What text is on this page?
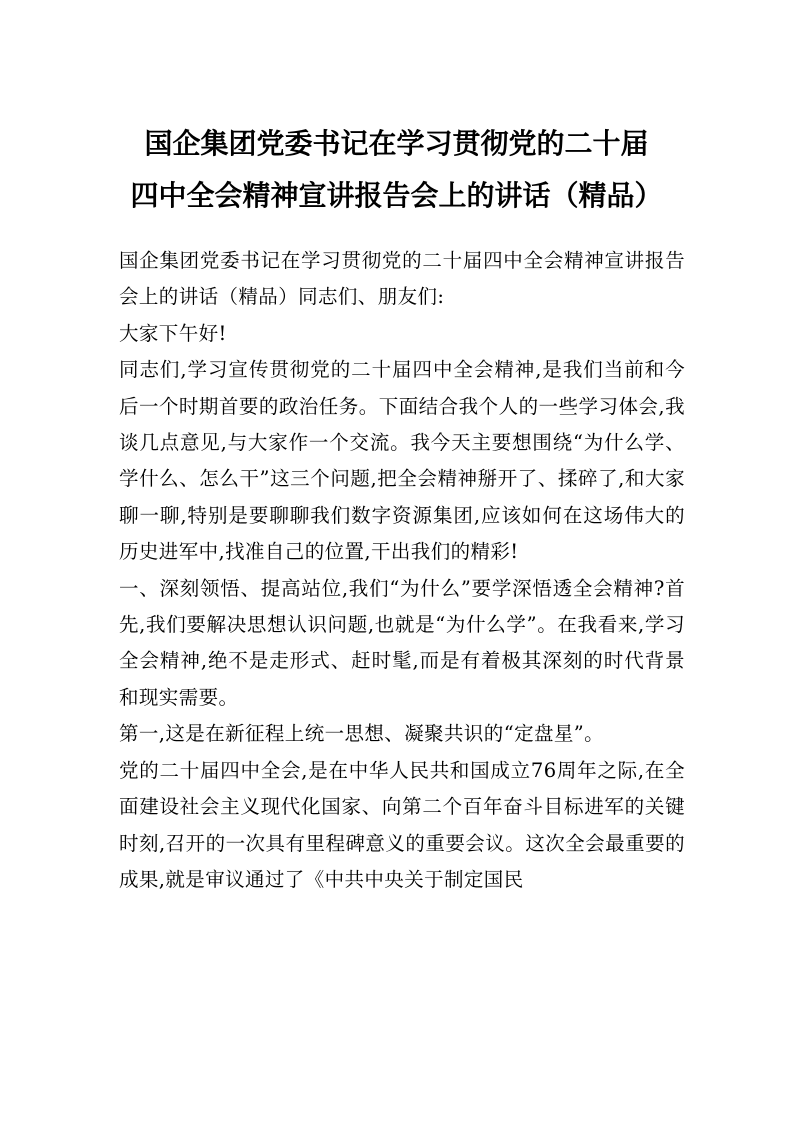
国企集团党委书记在学习贯彻党的二十届
四中全会精神宣讲报告会上的讲话（精品）

国企集团党委书记在学习贯彻党的二十届四中全会精神宣讲报告会上的讲话（精品）同志们、朋友们:

大家下午好!

同志们,学习宣传贯彻党的二十届四中全会精神,是我们当前和今后一个时期首要的政治任务。下面结合我个人的一些学习体会,我谈几点意见,与大家作一个交流。我今天主要想围绕“为什么学、学什么、怎么干”这三个问题,把全会精神掰开了、揉碎了,和大家聊一聊,特别是要聊聊我们数字资源集团,应该如何在这场伟大的历史进军中,找准自己的位置,干出我们的精彩!

一、深刻领悟、提高站位,我们“为什么”要学深悟透全会精神?首先,我们要解决思想认识问题,也就是“为什么学”。在我看来,学习全会精神,绝不是走形式、赶时髦,而是有着极其深刻的时代背景和现实需要。

第一,这是在新征程上统一思想、凝聚共识的“定盘星”。

党的二十届四中全会,是在中华人民共和国成立76周年之际,在全面建设社会主义现代化国家、向第二个百年奋斗目标进军的关键时刻,召开的一次具有里程碑意义的重要会议。这次全会最重要的成果,就是审议通过了《中共中央关于制定国民
